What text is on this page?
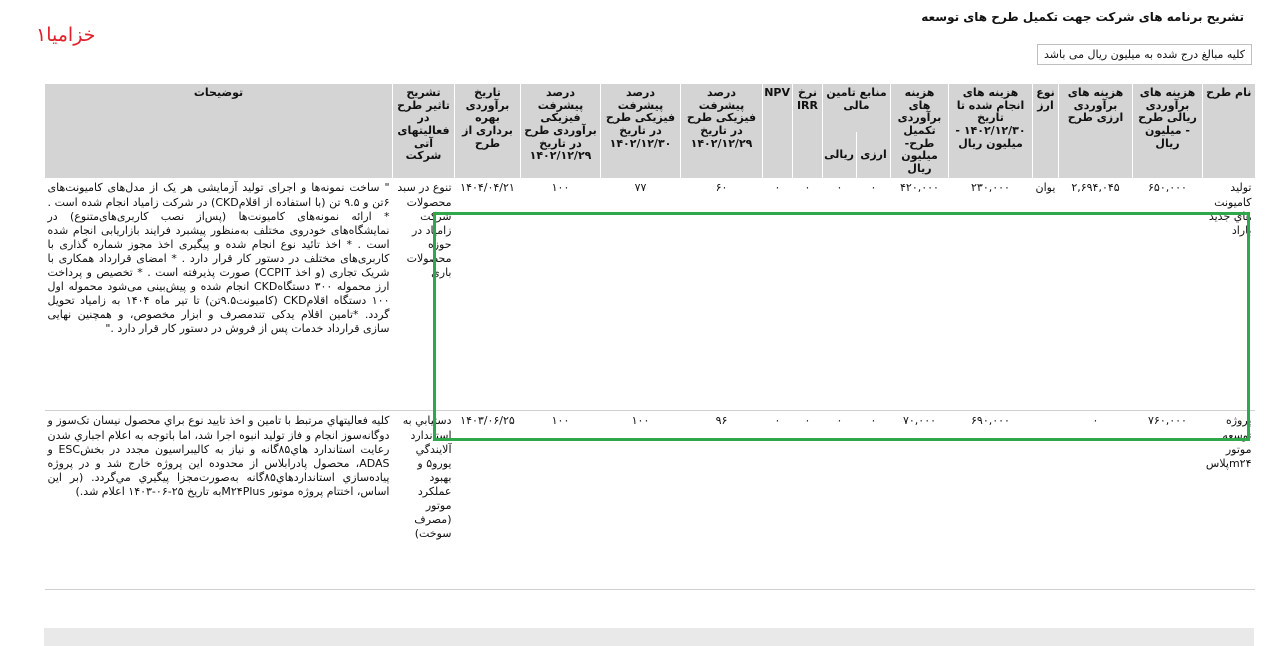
تشریح برنامه های شرکت جهت تکمیل طرح های توسعه
خزامیا۱
کلیه مبالغ درج شده به میلیون ریال می باشد
نام طرح	هزینه های برآوردی ریالی طرح - میلیون ریال	هزینه های برآوردی ارزی طرح	نوع ارز	هزینه های انجام شده تا تاریخ ۱۴۰۲/۱۲/۳۰ - میلیون ریال	هزینه های برآوردی تکمیل طرح- میلیون ریال	منابع تامین مالی		نرخ IRR	NPV	درصد پیشرفت فیزیکی طرح در تاریخ ۱۴۰۲/۱۲/۲۹	درصد پیشرفت فیزیکی طرح در تاریخ ۱۴۰۲/۱۲/۳۰	درصد پیشرفت فیزیکی برآوردی طرح در تاریخ ۱۴۰۲/۱۲/۲۹	تاریخ برآوردی بهره برداری از طرح	تشریح تاثیر طرح در فعالیتهای آتی شرکت	توضیحات
						ارزی	ریالی								
تولید کامیونت هاي جدید باراد	۶۵۰,۰۰۰	۲,۶۹۴,۰۴۵	یوان	۲۳۰,۰۰۰	۴۲۰,۰۰۰	۰	۰	۰	۰	۶۰	۷۷	۱۰۰	۱۴۰۴/۰۴/۲۱	تنوع در سبد محصولات شرکت زامیاد در حوزه محصولات باری	" ساخت نمونه‌ها و اجرای تولید آزمایشی هر یک از مدل‌های کامیونت‌های ۶تن و ۹.۵ تن (با استفاده از اقلامCKD) در شرکت زامیاد انجام شده است . * ارائه نمونه‌های کامیونت‌ها (پس‌از نصب کاربری‌های‌متنوع) در نمایشگاه‌های خودروی مختلف به‌منظور پیشبرد فرایند بازاریابی انجام شده است . * اخذ تائید نوع انجام شده و پیگیری اخذ مجوز شماره گذاری با کاربری‌های مختلف در دستور کار قرار دارد . * امضای قرارداد همکاری با شریک تجاری (و اخذ CCPIT) صورت پذیرفته است . * تخصیص و پرداخت ارز محموله ۳۰۰ دستگاه‌CKD انجام شده و پیش‌بینی می‌شود محموله اول ۱۰۰ دستگاه اقلام‌CKD (کامیونت۹.۵تن) تا تیر ماه ۱۴۰۴ به زامیاد تحویل گردد. *تامین اقلام یدکی تندمصرف و ابزار مخصوص، و همچنین نهایی سازی قرارداد خدمات پس از فروش در دستور کار قرار دارد ."
پروژه توسعه موتور m۲۴پلاس	۷۶۰,۰۰۰	۰		۶۹۰,۰۰۰	۷۰,۰۰۰	۰	۰	۰	۰	۹۶	۱۰۰	۱۰۰	۱۴۰۳/۰۶/۲۵	دستيابي به استاندارد آلایندگي یورو۵ و بهبود عملکرد موتور (مصرف سوخت)	کلیه فعالیتهاي مرتبط با تامین و اخذ تایید نوع براي محصول نیسان تک‌سوز و دوگانه‌سوز انجام و فاز تولید انبوه اجرا شد، اما باتوجه به اعلام اجباري شدن رعایت استاندارد هاي۸۵گانه و نیاز به کالیبراسیون مجدد در بخشESC و ADAS، محصول پادرابلاس از محدوده این پروژه خارج شد و در پروژه پیاده‌سازي استانداردهاي۸۵گانه به‌صورت‌مجزا پیگیري مي‌گردد. (بر این اساس، اختتام پروژه موتور M۲۴Plusبه تاریخ ۲۵-۰۶-۱۴۰۳ اعلام شد.)
